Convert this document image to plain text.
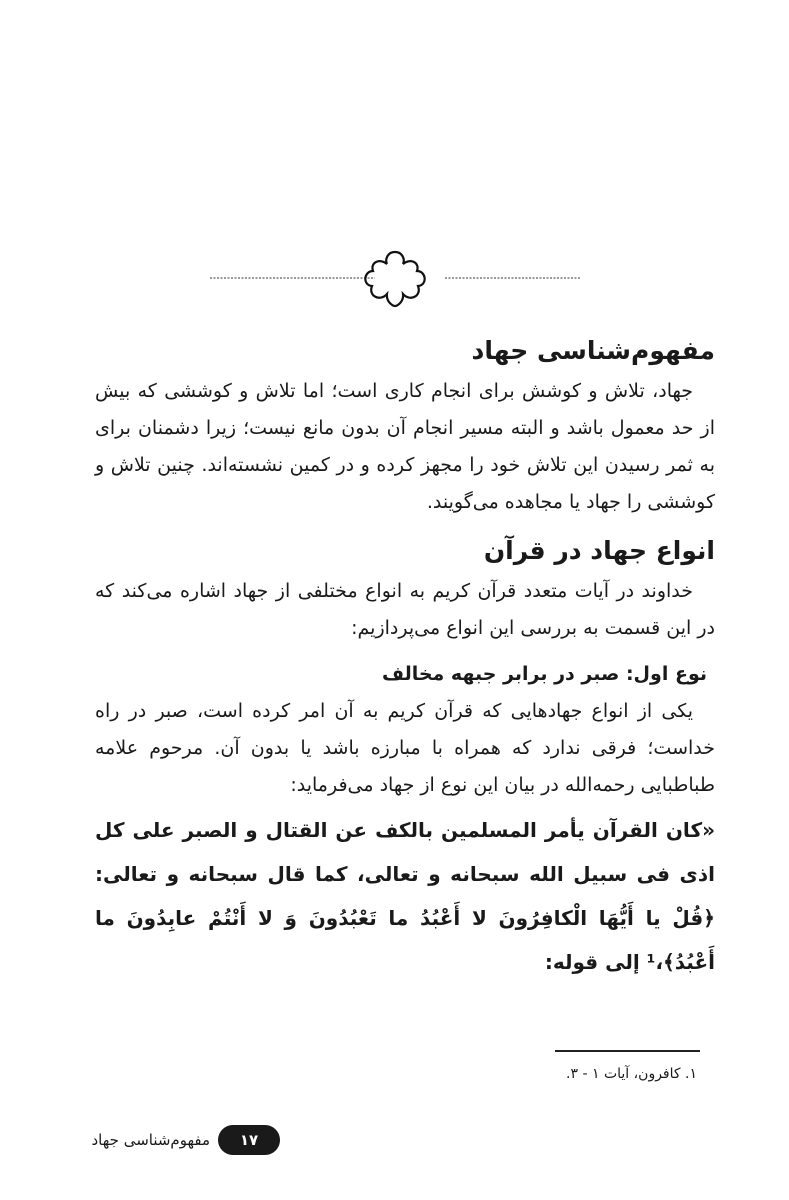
مفهوم‌شناسی جهاد

جهاد، تلاش و کوشش برای انجام کاری است؛ اما تلاش و کوششی که بیش از حد معمول باشد و البته مسیر انجام آن بدون مانع نیست؛ زیرا دشمنان برای به ثمر رسیدن این تلاش خود را مجهز کرده و در کمین نشسته‌اند. چنین تلاش و کوششی را جهاد یا مجاهده می‌گویند.

انواع جهاد در قرآن

خداوند در آیات متعدد قرآن کریم به انواع مختلفی از جهاد اشاره می‌کند که در این قسمت به بررسی این انواع می‌پردازیم:

نوع اول: صبر در برابر جبهه مخالف

یکی از انواع جهادهایی که قرآن کریم به آن امر کرده است، صبر در راه خداست؛ فرقی ندارد که همراه با مبارزه باشد یا بدون آن. مرحوم علامه طباطبایی رحمه‌الله در بیان این نوع از جهاد می‌فرماید:

«کان القرآن یأمر المسلمین بالکف عن القتال و الصبر علی کل اذی فی سبیل الله سبحانه و تعالی، کما قال سبحانه و تعالی: ﴿قُلْ یا أَیُّهَا الْکافِرُونَ لا أَعْبُدُ ما تَعْبُدُونَ وَ لا أَنْتُمْ عابِدُونَ ما أَعْبُدُ﴾،¹ إلی قوله:

۱. کافرون، آیات ۱ - ۳.
۱۷
مفهوم‌شناسی جهاد
